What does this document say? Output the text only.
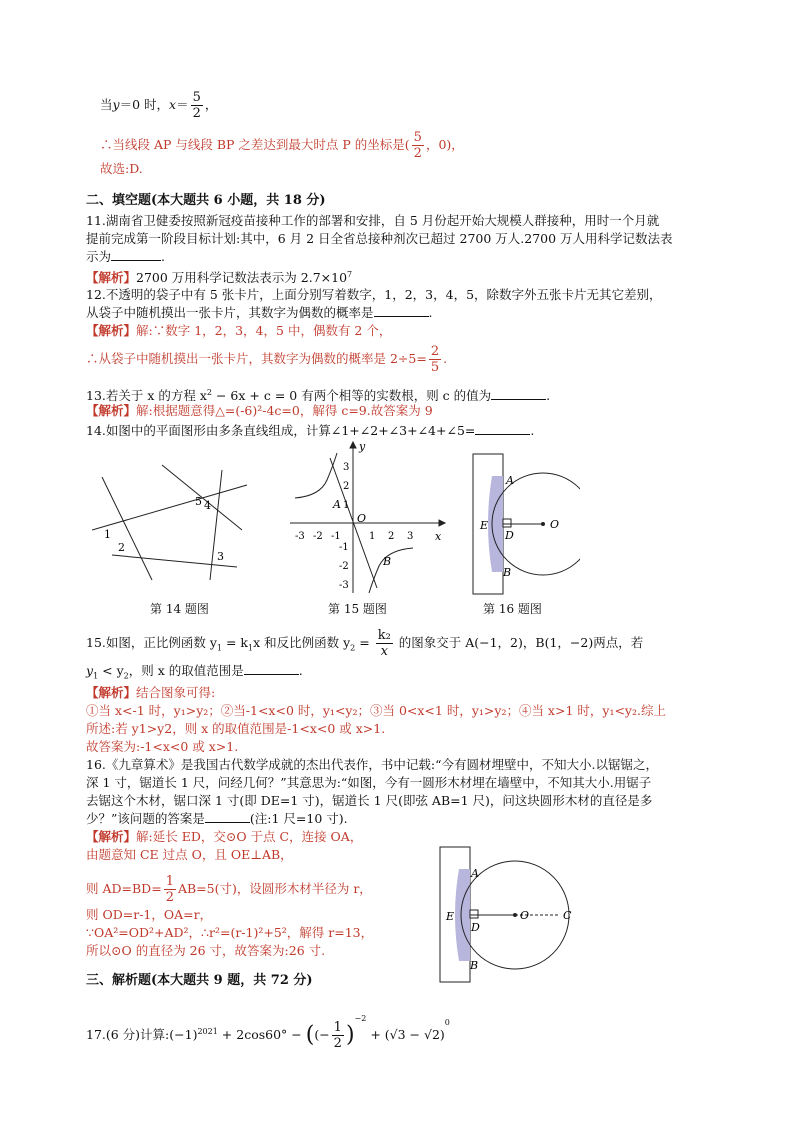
当y＝0 时，$x= \frac{5}{2}$ ，
∴当线段 AP 与线段 BP 之差达到最大时点 P 的坐标是( $\frac{5}{2}$ ，0)，
故选:D.
二、填空题(本大题共 6 小题，共 18 分)
11.湖南省卫健委按照新冠疫苗接种工作的部署和安排，自 5 月份起开始大规模人群接种，用时一个月就
提前完成第一阶段目标计划:其中，6 月 2 日全省总接种剂次已超过 2700 万人.2700 万人用科学记数法表
示为	.
【解析】2700 万用科学记数法表示为 $2.7\times 10^7$
12.不透明的袋子中有 5 张卡片，上面分别写着数字，1，2，3，4，5，除数字外五张卡片无其它差别，
从袋子中随机摸出一张卡片，其数字为偶数的概率是	.
【解析】解:∵数字 1，2，3，4，5 中，偶数有 2 个，
∴从袋子中随机摸出一张卡片，其数字为偶数的概率是 $2\div 5= \frac{2}{5}$ .
13.若关于 x 的方程 $x^2 - 6x + c = 0$ 有两个相等的实数根，则 c 的值为	.
【解析】解:根据题意得△=(-6)²-4c=0，解得 c=9.故答案为 9
14.如图中的平面图形由多条直线组成，计算∠1+∠2+∠3+∠4+∠5=	.
1
2
3
4
5
第 14 题图
A
B
O
x
y
-3 -2 -1	1 2 3
3
2
1
-1
-2
-3
第 15 题图
A
B
E
D
O
第 16 题图
15.如图，正比例函数 $y_1 = k_1x$ 和反比例函数 $y_2 = \frac{\text{k₂}}{x}$ 的图象交于 A(−1，2)，B(1，−2)两点，若
$y_1 < y_2$，则 x 的取值范围是	.
【解析】结合图象可得:
①当 x<-1 时，y₁>y₂；②当-1<x<0 时，y₁<y₂；③当 0<x<1 时，y₁>y₂；④当 x>1 时，y₁<y₂.综上
所述:若 y1>y2，则 x 的取值范围是-1<x<0 或 x>1.
故答案为:-1<x<0 或 x>1.
16.《九章算术》是我国古代数学成就的杰出代表作，书中记载:“今有圆材埋壁中，不知大小.以锯锯之，
深 1 寸，锯道长 1 尺，问经几何？”其意思为:“如图，今有一圆形木材埋在墙壁中，不知其大小.用锯子
去锯这个木材，锯口深 1 寸(即 DE=1 寸)，锯道长 1 尺(即弦 AB=1 尺)，问这块圆形木材的直径是多
少？”该问题的答案是	(注:1 尺=10 寸).
【解析】解:延长 ED，交⊙O 于点 C，连接 OA，
由题意知 CE 过点 O，且 OE⊥AB，
则 $AD=BD= \frac{1}{2} AB=5$(寸)，设圆形木材半径为 r，
则 OD=r-1，OA=r，
∵OA²=OD²+AD²，∴r²=(r-1)²+5²，解得 r=13，
所以⊙O 的直径为 26 寸，故答案为:26 寸.
A
B
E
D
O	C
三、解析题(本大题共 9 题，共 72 分)
17.(6 分)计算$:(-1)^{2021} + 2\cos 60^\circ$ − ((− $\frac{1}{2} )^{-2} + (√3 - √2)^0$
